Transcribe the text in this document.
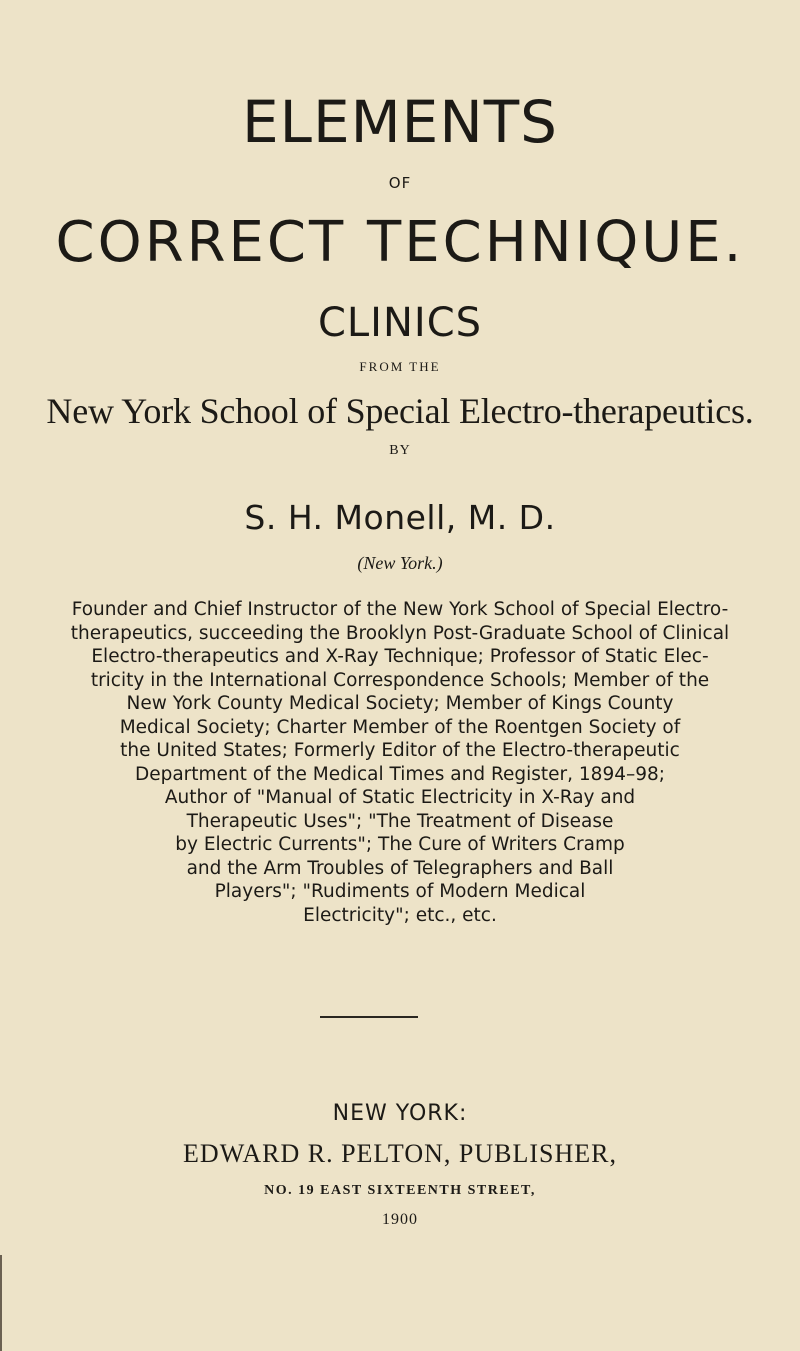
ELEMENTS
OF
CORRECT TECHNIQUE.
CLINICS
FROM THE
New York School of Special Electro-therapeutics.
BY
S. H. Monell, M. D.
(New York.)
Founder and Chief Instructor of the New York School of Special Electro-
therapeutics, succeeding the Brooklyn Post-Graduate School of Clinical
Electro-therapeutics and X-Ray Technique; Professor of Static Elec-
tricity in the International Correspondence Schools; Member of the
New York County Medical Society; Member of Kings County
Medical Society; Charter Member of the Roentgen Society of
the United States; Formerly Editor of the Electro-therapeutic
Department of the Medical Times and Register, 1894–98;
Author of "Manual of Static Electricity in X-Ray and
Therapeutic Uses"; "The Treatment of Disease
by Electric Currents"; The Cure of Writers Cramp
and the Arm Troubles of Telegraphers and Ball
Players"; "Rudiments of Modern Medical
Electricity"; etc., etc.
NEW YORK:
EDWARD R. PELTON, PUBLISHER,
NO. 19 EAST SIXTEENTH STREET,
1900
